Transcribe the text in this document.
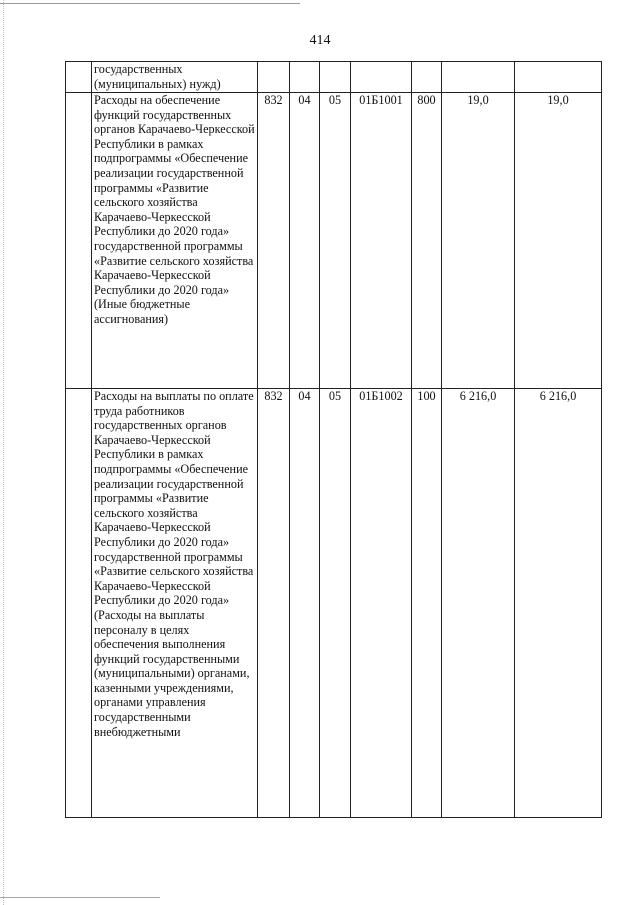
414
	государственных (муниципальных) нужд)							
	Расходы на обеспечение функций государственных органов Карачаево-Черкесской Республики в рамках подпрограммы «Обеспечение реализации государственной программы «Развитие сельского хозяйства Карачаево-Черкесской Республики до 2020 года» государственной программы «Развитие сельского хозяйства Карачаево-Черкесской Республики до 2020 года» (Иные бюджетные ассигнования)	832	04	05	01Б1001	800	19,0	19,0
	Расходы на выплаты по оплате труда работников государственных органов Карачаево-Черкесской Республики в рамках подпрограммы «Обеспечение реализации государственной программы «Развитие сельского хозяйства Карачаево-Черкесской Республики до 2020 года» государственной программы «Развитие сельского хозяйства Карачаево-Черкесской Республики до 2020 года» (Расходы на выплаты персоналу в целях обеспечения выполнения функций государственными (муниципальными) органами, казенными учреждениями, органами управления государственными внебюджетными	832	04	05	01Б1002	100	6 216,0	6 216,0
